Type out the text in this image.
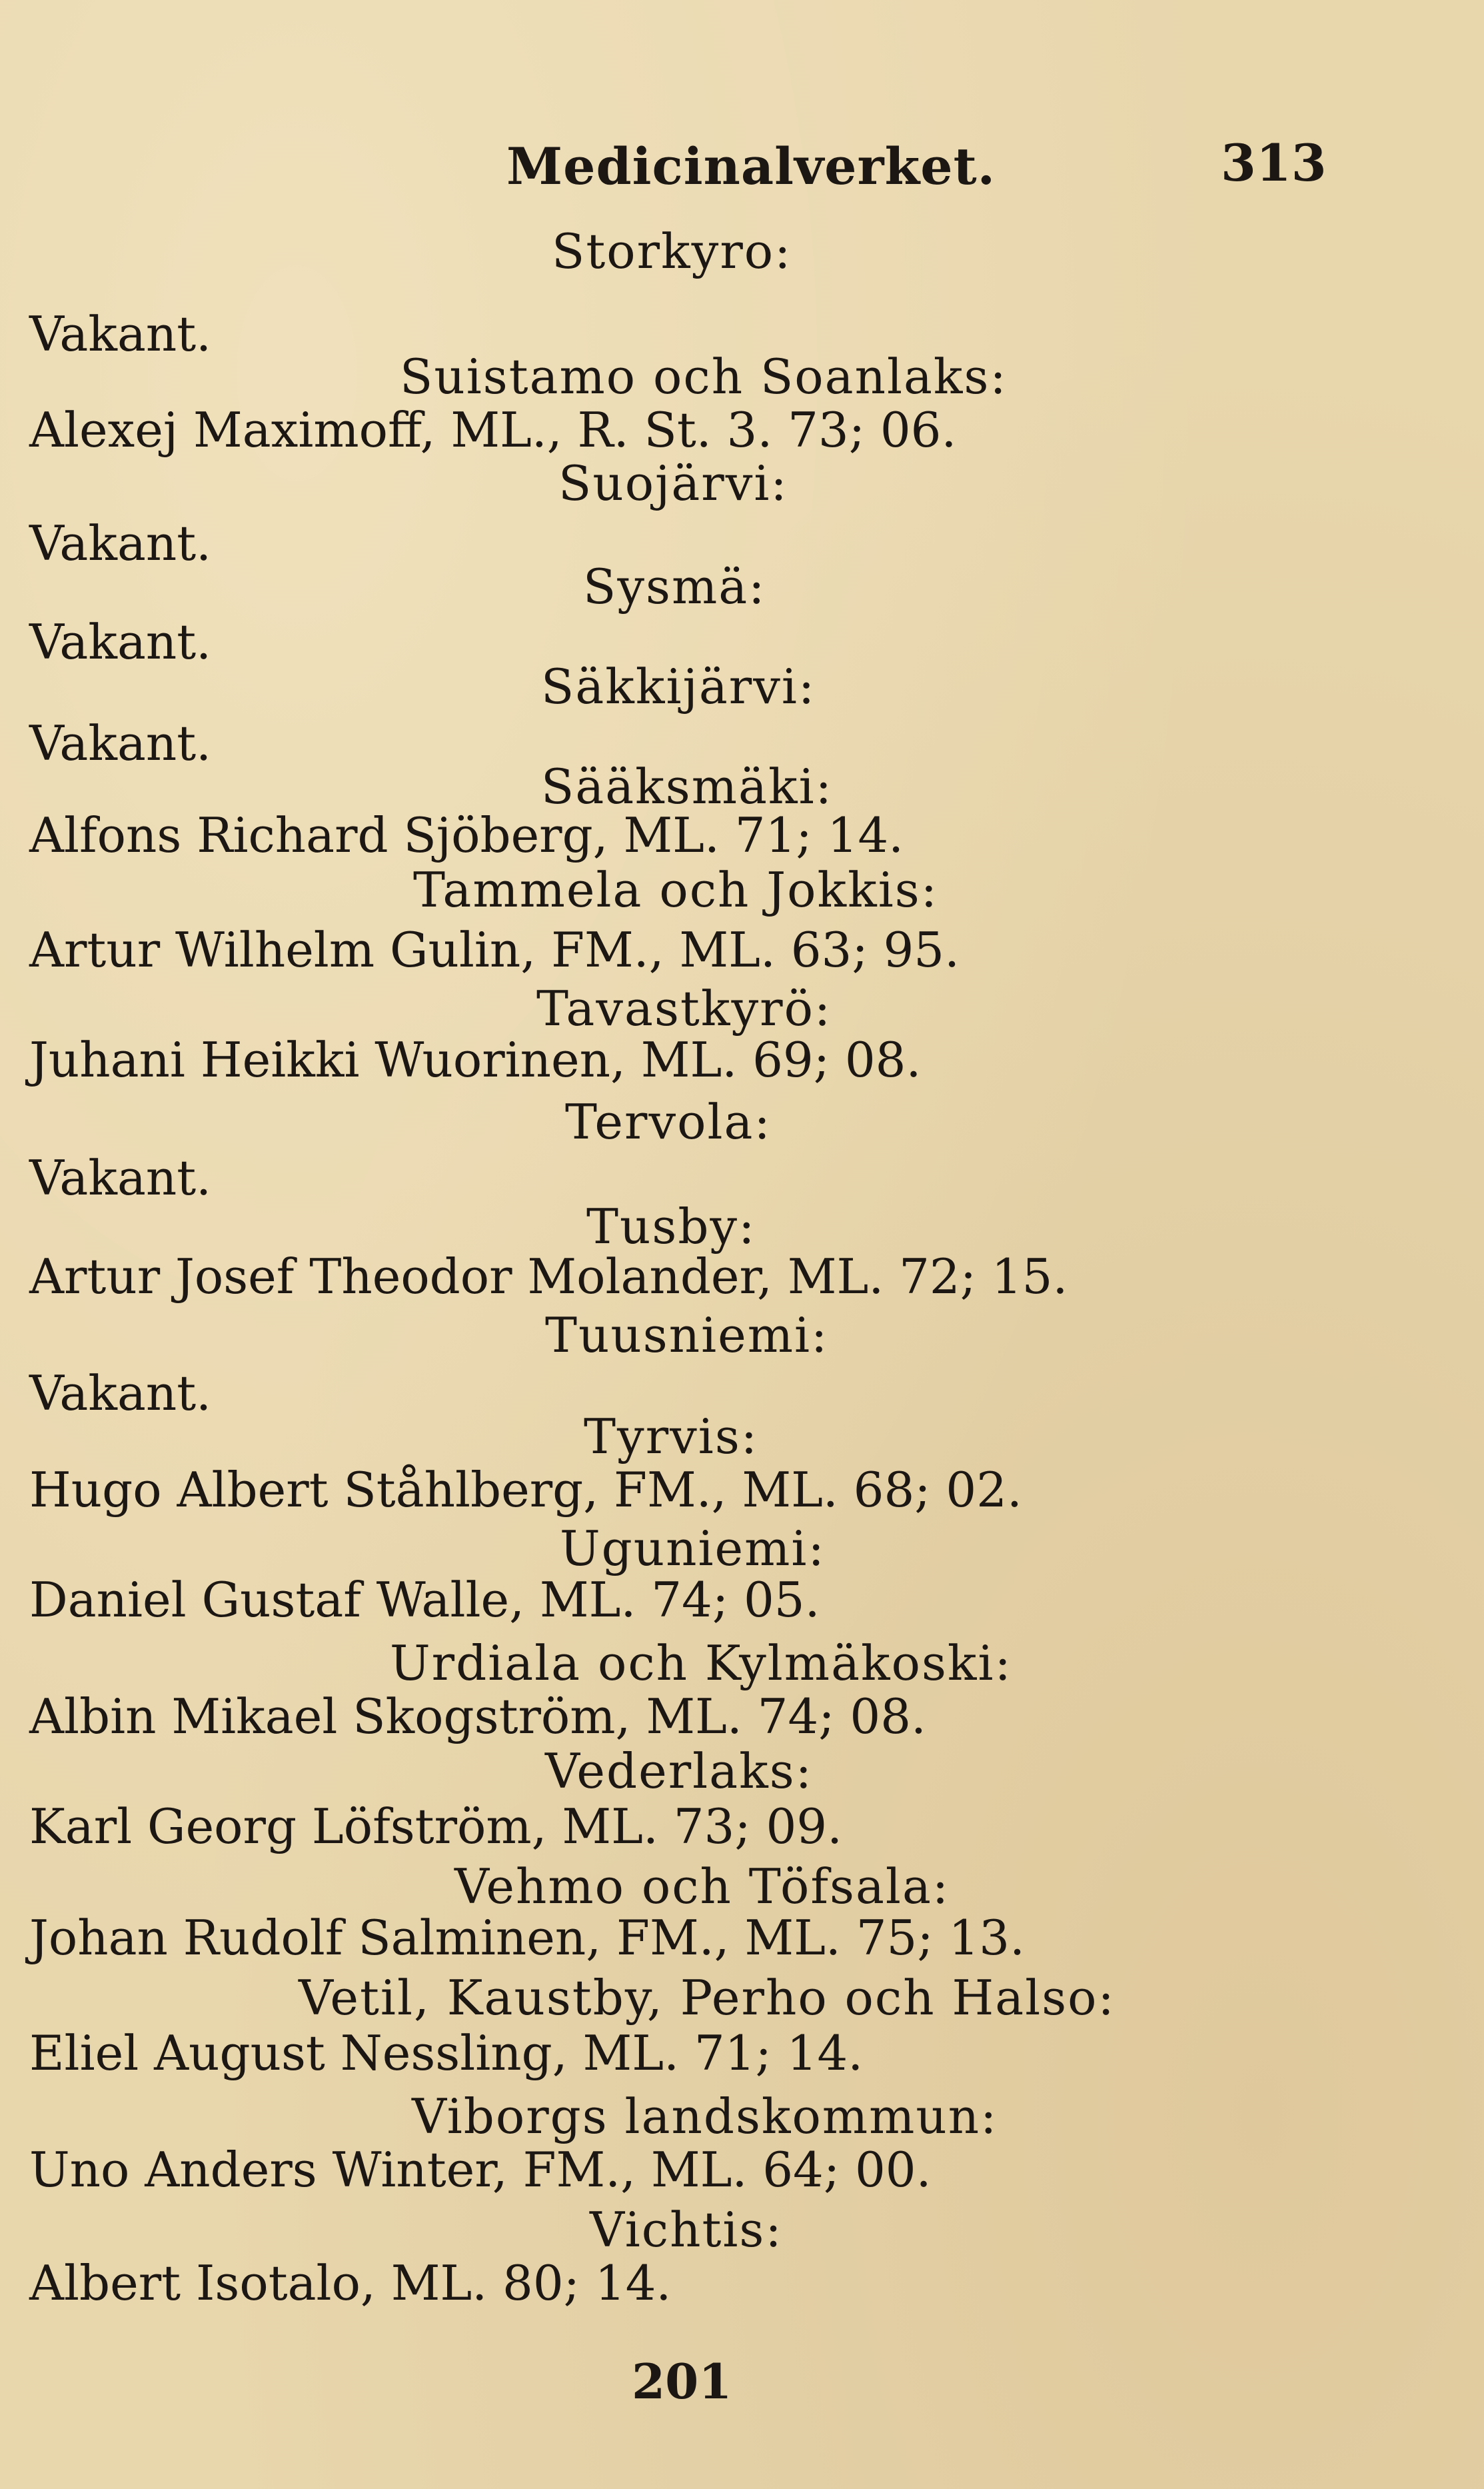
Medicinalverket.	313
Storkyro:
Vakant.
Suistamo och Soanlaks:
Alexej Maximoff, ML., R. St. 3. 73; 06.
Suojärvi:
Vakant.
Sysmä:
Vakant.
Säkkijärvi:
Vakant.
Sääksmäki:
Alfons Richard Sjöberg, ML. 71; 14.
Tammela och Jokkis:
Artur Wilhelm Gulin, FM., ML. 63; 95.
Tavastkyrö:
Juhani Heikki Wuorinen, ML. 69; 08.
Tervola:
Vakant.
Tusby:
Artur Josef Theodor Molander, ML. 72; 15.
Tuusniemi:
Vakant.
Tyrvis:
Hugo Albert Ståhlberg, FM., ML. 68; 02.
Uguniemi:
Daniel Gustaf Walle, ML. 74; 05.
Urdiala och Kylmäkoski:
Albin Mikael Skogström, ML. 74; 08.
Vederlaks:
Karl Georg Löfström, ML. 73; 09.
Vehmo och Töfsala:
Johan Rudolf Salminen, FM., ML. 75; 13.
Vetil, Kaustby, Perho och Halso:
Eliel August Nessling, ML. 71; 14.
Viborgs landskommun:
Uno Anders Winter, FM., ML. 64; 00.
Vichtis:
Albert Isotalo, ML. 80; 14.
201
